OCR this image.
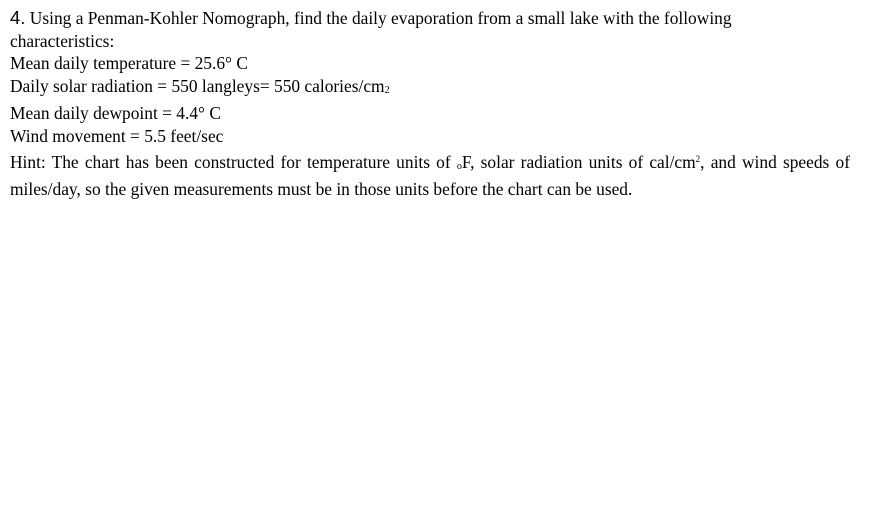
4. Using a Penman-Kohler Nomograph, find the daily evaporation from a small lake with the following
characteristics:
Mean daily temperature = 25.6° C
Daily solar radiation = 550 langleys= 550 calories/cm2
Mean daily dewpoint = 4.4° C
Wind movement = 5.5 feet/sec
Hint: The chart has been constructed for temperature units of oF, solar radiation units of cal/$cm^2$, and wind speeds of miles/day, so the given measurements must be in those units before the chart can be used.
